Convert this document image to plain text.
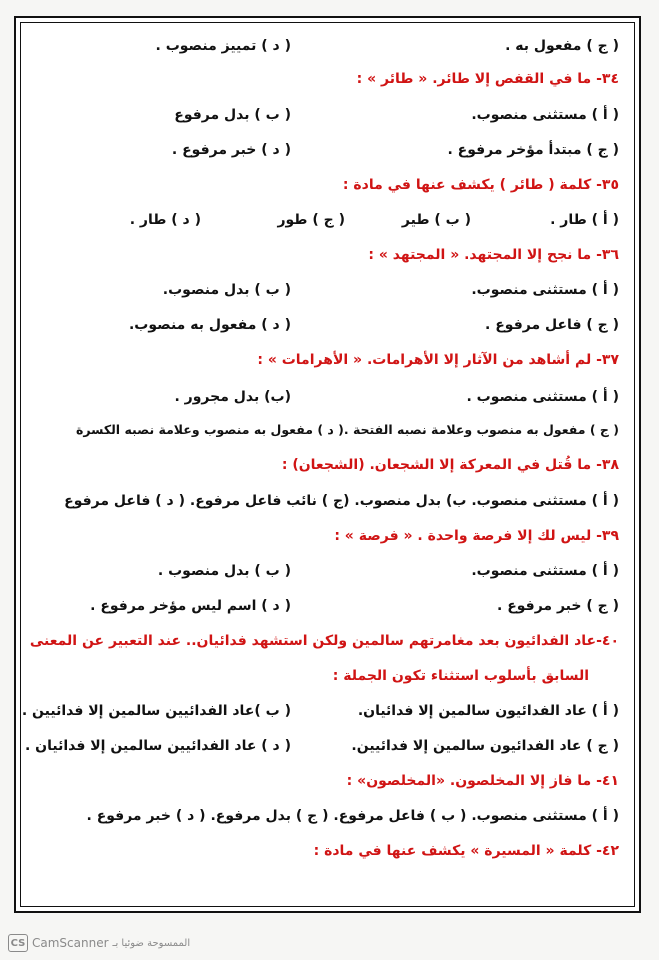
( ج ) مفعول به .
( د ) تمييز منصوب .
٣٤- ما في القفص إلا طائر. « طائر » :
( أ ) مستثنى منصوب.
( ب ) بدل مرفوع
( ج ) مبتدأ مؤخر مرفوع .
( د ) خبر مرفوع .
٣٥- كلمة ( طائر ) يكشف عنها في مادة :
( أ ) طار .
( ب ) طير
( ج ) طور
( د ) طار .
٣٦- ما نجح إلا المجتهد. « المجتهد » :
( أ ) مستثنى منصوب.
( ب ) بدل منصوب.
( ج ) فاعل مرفوع .
( د ) مفعول به منصوب.
٣٧- لم أشاهد من الآثار إلا الأهرامات. « الأهرامات » :
( أ ) مستثنى منصوب .
(ب) بدل مجرور .
( ج ) مفعول به منصوب وعلامة نصبه الفتحة .( د ) مفعول به منصوب وعلامة نصبه الكسرة
٣٨- ما قُتل في المعركة إلا الشجعان. (الشجعان) :
( أ ) مستثنى منصوب. ب) بدل منصوب. (ج ) نائب فاعل مرفوع. ( د ) فاعل مرفوع
٣٩- ليس لك إلا فرصة واحدة . « فرصة » :
( أ ) مستثنى منصوب.
( ب ) بدل منصوب .
( ج ) خبر مرفوع .
( د ) اسم ليس مؤخر مرفوع .
٤٠-عاد الفدائيون بعد مغامرتهم سالمين ولكن استشهد فدائيان.. عند التعبير عن المعنى
السابق بأسلوب استثناء تكون الجملة :
( أ ) عاد الفدائيون سالمين إلا فدائيان.
( ب )عاد الفدائيين سالمين إلا فدائيين .
( ج ) عاد الفدائيون سالمين إلا فدائيين.
( د ) عاد الفدائيين سالمين إلا فدائيان .
٤١- ما فاز إلا المخلصون. «المخلصون» :
( أ ) مستثنى منصوب. ( ب ) فاعل مرفوع. ( ج ) بدل مرفوع. ( د ) خبر مرفوع .
٤٢- كلمة « المسيرة » يكشف عنها في مادة :
CS CamScanner الممسوحة ضوئيا بـ
